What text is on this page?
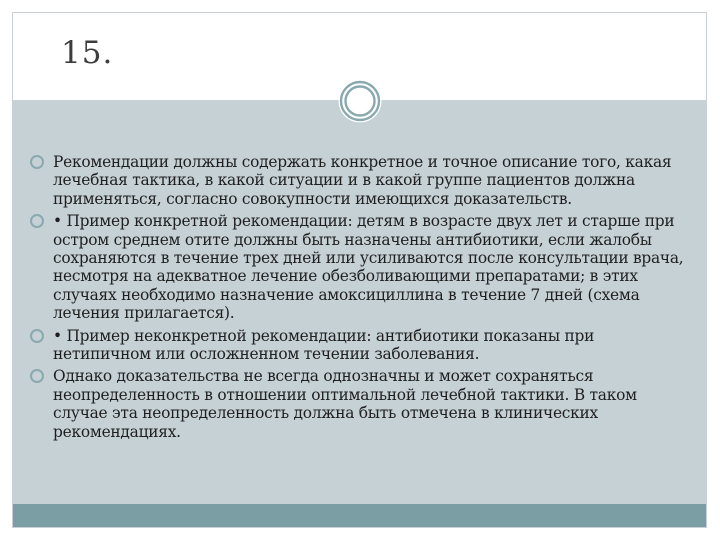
15.
Рекомендации должны содержать конкретное и точное описание того, какая лечебная тактика, в какой ситуации и в какой группе пациентов должна применяться, согласно совокупности имеющихся доказательств.
• Пример конкретной рекомендации: детям в возрасте двух лет и старше при остром среднем отите должны быть назначены антибиотики, если жалобы сохраняются в течение трех дней или усиливаются после консультации врача, несмотря на адекватное лечение обезболивающими препаратами; в этих случаях необходимо назначение амоксициллина в течение 7 дней (схема лечения прилагается).
• Пример неконкретной рекомендации: антибиотики показаны при нетипичном или осложненном течении заболевания.
Однако доказательства не всегда однозначны и может сохраняться неопределенность в отношении оптимальной лечебной тактики. В таком случае эта неопределенность должна быть отмечена в клинических рекомендациях.
